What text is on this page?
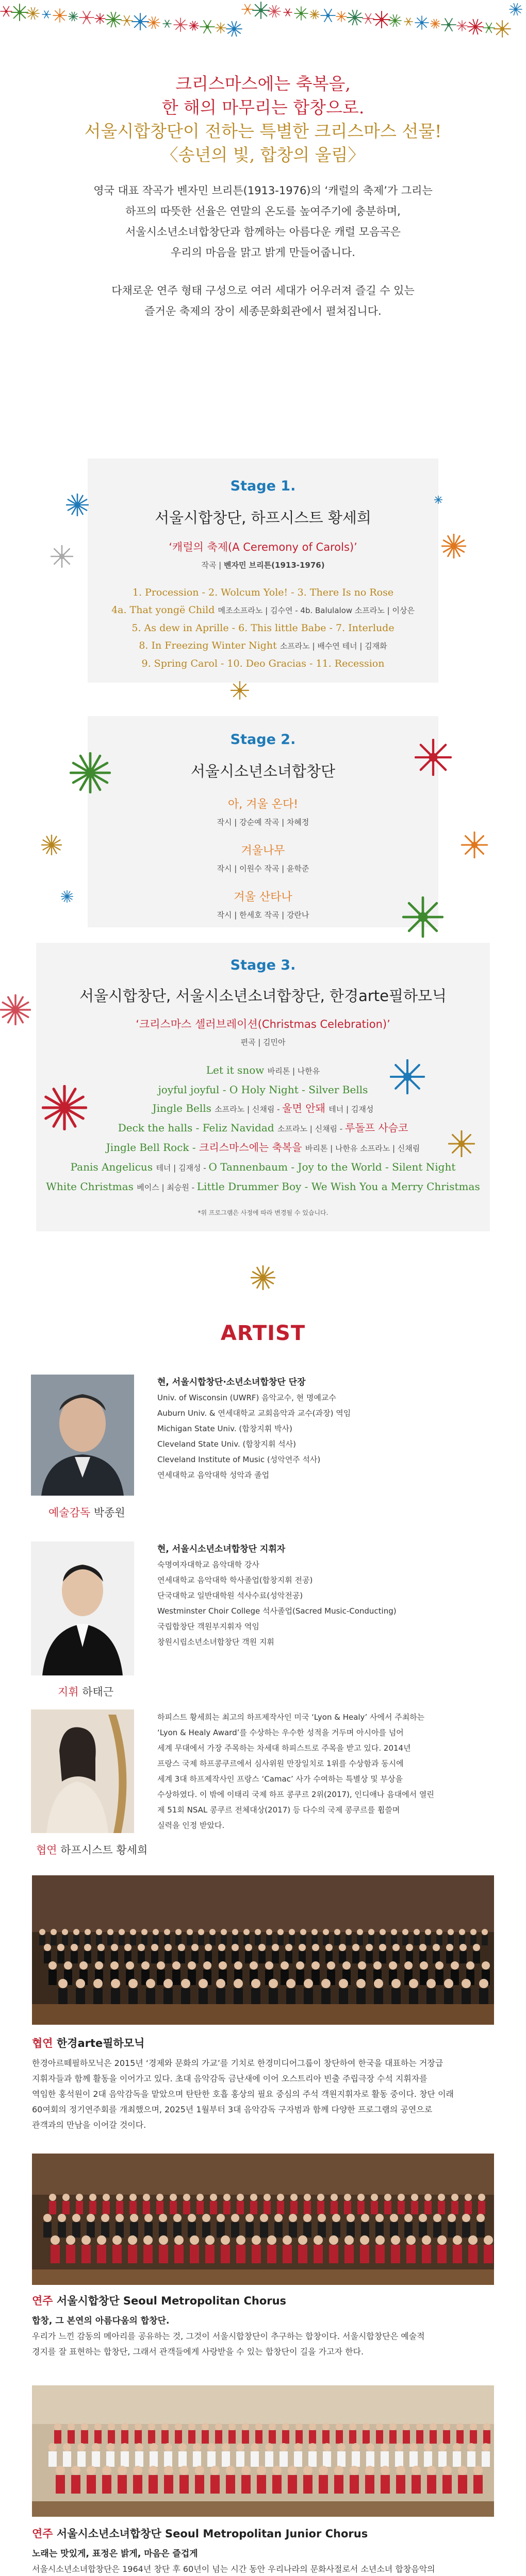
크리스마스에는 축복을,
한 해의 마무리는 합창으로.
서울시합창단이 전하는 특별한 크리스마스 선물!
〈송년의 빛, 합창의 울림〉
영국 대표 작곡가 벤자민 브리튼(1913-1976)의 ‘캐럴의 축제’가 그리는
하프의 따뜻한 선율은 연말의 온도를 높여주기에 충분하며,
서울시소년소녀합창단과 함께하는 아름다운 캐럴 모음곡은
우리의 마음을 맑고 밝게 만들어줍니다.
다채로운 연주 형태 구성으로 여러 세대가 어우러져 즐길 수 있는
즐거운 축제의 장이 세종문화회관에서 펼쳐집니다.
Stage 1.
서울시합창단, 하프시스트 황세희
‘캐럴의 축제(A Ceremony of Carols)’
작곡 | 벤자민 브리튼(1913-1976)
1. Procession - 2. Wolcum Yole! - 3. There Is no Rose
4a. That yongë Child 메조소프라노 | 김수연 - 4b. Balulalow 소프라노 | 이상은
5. As dew in Aprille - 6. This little Babe - 7. Interlude
8. In Freezing Winter Night 소프라노 | 배수연 테너 | 김재화
9. Spring Carol - 10. Deo Gracias - 11. Recession
Stage 2.
서울시소년소녀합창단
아, 겨울 온다!
작시 | 강순예 작곡 | 차혜정
겨울나무
작시 | 이원수 작곡 | 윤학준
겨울 산타나
작시 | 한세호 작곡 | 강란나
Stage 3.
서울시합창단, 서울시소년소녀합창단, 한경arte필하모닉
‘크리스마스 셀러브레이션(Christmas Celebration)’
편곡 | 김민아
Let it snow 바리톤 | 나한유
joyful joyful - O Holy Night - Silver Bells
Jingle Bells 소프라노 | 신채림 - 울면 안돼 테너 | 김재성
Deck the halls - Feliz Navidad 소프라노 | 신채림 - 루돌프 사슴코
Jingle Bell Rock - 크리스마스에는 축복을 바리톤 | 나한유 소프라노 | 신채림
Panis Angelicus 테너 | 김재성 - O Tannenbaum - Joy to the World - Silent Night
White Christmas 베이스 | 최승원 - Little Drummer Boy - We Wish You a Merry Christmas
*위 프로그램은 사정에 따라 변경될 수 있습니다.
ARTIST
예술감독 박종원
현, 서울시합창단·소년소녀합창단 단장
Univ. of Wisconsin (UWRF) 음악교수, 현 명예교수
Auburn Univ. & 연세대학교 교회음악과 교수(과장) 역임
Michigan State Univ. (합창지휘 박사)
Cleveland State Univ. (합창지휘 석사)
Cleveland Institute of Music (성악연주 석사)
연세대학교 음악대학 성악과 졸업
지휘 하태근
현, 서울시소년소녀합창단 지휘자
숙명여자대학교 음악대학 강사
연세대학교 음악대학 학사졸업(합창지휘 전공)
단국대학교 일반대학원 석사수료(성악전공)
Westminster Choir College 석사졸업(Sacred Music-Conducting)
국립합창단 객원부지휘자 역임
창원시립소년소녀합창단 객원 지휘
협연 하프시스트 황세희
하피스트 황세희는 최고의 하프제작사인 미국 ‘Lyon & Healy’ 사에서 주최하는
‘Lyon & Healy Award’를 수상하는 우수한 성적을 거두며 아시아를 넘어
세계 무대에서 가장 주목하는 차세대 하피스트로 주목을 받고 있다. 2014년
프랑스 국제 하프콩쿠르에서 심사위원 만장일치로 1위를 수상함과 동시에
세계 3대 하프제작사인 프랑스 ‘Camac’ 사가 수여하는 특별상 및 부상을
수상하였다. 이 밖에 이태리 국제 하프 콩쿠르 2위(2017), 인디애나 음대에서 열린
제 51회 NSAL 콩쿠르 전체대상(2017) 등 다수의 국제 콩쿠르를 휩쓸며
실력을 인정 받았다.
협연 한경arte필하모닉
한경아르떼필하모닉은 2015년 ‘경제와 문화의 가교’를 기치로 한경미디어그룹이 창단하여 한국을 대표하는 거장급
지휘자들과 함께 활동을 이어가고 있다. 초대 음악감독 금난새에 이어 오스트리아 빈출 주립극장 수석 지휘자를
역임한 홍석원이 2대 음악감독을 맡았으며 탄탄한 호흡 홍상의 필요 중심의 주석 객원지휘자로 활동 중이다. 창단 이래
60여회의 정기연주회를 개최했으며, 2025년 1월부터 3대 음악감독 구자범과 함께 다양한 프로그램의 공연으로
관객과의 만남을 이어갈 것이다.
연주 서울시합창단 Seoul Metropolitan Chorus
합창, 그 본연의 아름다움의 합창단.
우리가 느낀 감동의 메아리를 공유하는 것, 그것이 서울시합창단이 추구하는 합창이다. 서울시합창단은 예술적
경지를 잘 표현하는 합창단, 그래서 관객들에게 사랑받을 수 있는 합창단이 길을 가고자 한다.
연주 서울시소년소녀합창단 Seoul Metropolitan Junior Chorus
노래는 맛있게, 표정은 밝게, 마음은 즐겁게
서울시소년소녀합창단은 1964년 창단 후 60년이 넘는 시간 동안 우리나라의 문화사절로서 소년소녀 합창음악의
